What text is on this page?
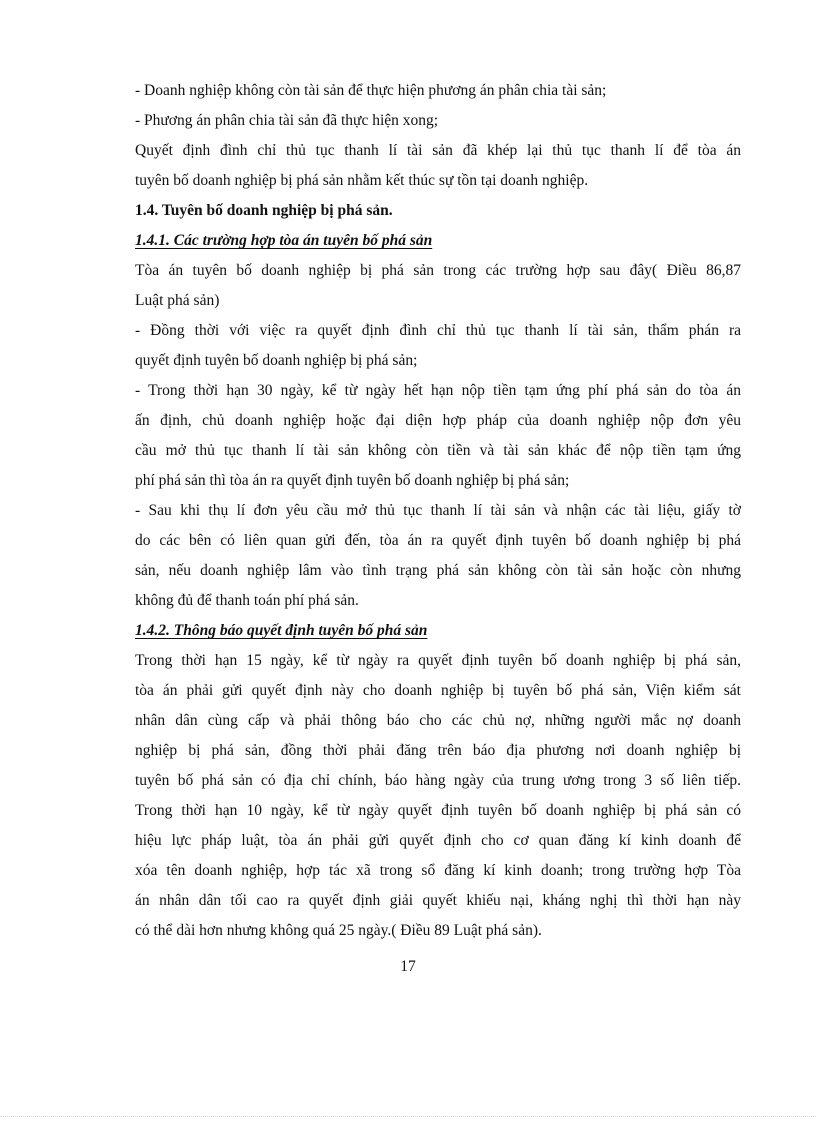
- Doanh nghiệp không còn tài sản để thực hiện phương án phân chia tài sản;
- Phương án phân chia tài sản đã thực hiện xong;
Quyết định đình chỉ thủ tục thanh lí tài sản đã khép lại thủ tục thanh lí để tòa án
tuyên bố doanh nghiệp bị phá sản nhằm kết thúc sự tồn tại doanh nghiệp.
1.4. Tuyên bố doanh nghiệp bị phá sản.
1.4.1. Các trường hợp tòa án tuyên bố phá sản
Tòa án tuyên bố doanh nghiệp bị phá sản trong các trường hợp sau đây( Điều 86,87
Luật phá sản)
- Đồng thời với việc ra quyết định đình chỉ thủ tục thanh lí tài sản, thẩm phán ra
quyết định tuyên bố doanh nghiệp bị phá sản;
- Trong thời hạn 30 ngày, kể từ ngày hết hạn nộp tiền tạm ứng phí phá sản do tòa án
ấn định, chủ doanh nghiệp hoặc đại diện hợp pháp của doanh nghiệp nộp đơn yêu
cầu mở thủ tục thanh lí tài sản không còn tiền và tài sản khác để nộp tiền tạm ứng
phí phá sản thì tòa án ra quyết định tuyên bố doanh nghiệp bị phá sản;
- Sau khi thụ lí đơn yêu cầu mở thủ tục thanh lí tài sản và nhận các tài liệu, giấy tờ
do các bên có liên quan gửi đến, tòa án ra quyết định tuyên bố doanh nghiệp bị phá
sản, nếu doanh nghiệp lâm vào tình trạng phá sản không còn tài sản hoặc còn nhưng
không đủ để thanh toán phí phá sản.
1.4.2. Thông báo quyết định tuyên bố phá sản
Trong thời hạn 15 ngày, kể từ ngày ra quyết định tuyên bố doanh nghiệp bị phá sản,
tòa án phải gửi quyết định này cho doanh nghiệp bị tuyên bố phá sản, Viện kiểm sát
nhân dân cùng cấp và phải thông báo cho các chủ nợ, những người mắc nợ doanh
nghiệp bị phá sản, đồng thời phải đăng trên báo địa phương nơi doanh nghiệp bị
tuyên bố phá sản có địa chỉ chính, báo hàng ngày của trung ương trong 3 số liên tiếp.
Trong thời hạn 10 ngày, kể từ ngày quyết định tuyên bố doanh nghiệp bị phá sản có
hiệu lực pháp luật, tòa án phải gửi quyết định cho cơ quan đăng kí kinh doanh để
xóa tên doanh nghiệp, hợp tác xã trong sổ đăng kí kinh doanh; trong trường hợp Tòa
án nhân dân tối cao ra quyết định giải quyết khiếu nại, kháng nghị thì thời hạn này
có thể dài hơn nhưng không quá 25 ngày.( Điều 89 Luật phá sản).
17
